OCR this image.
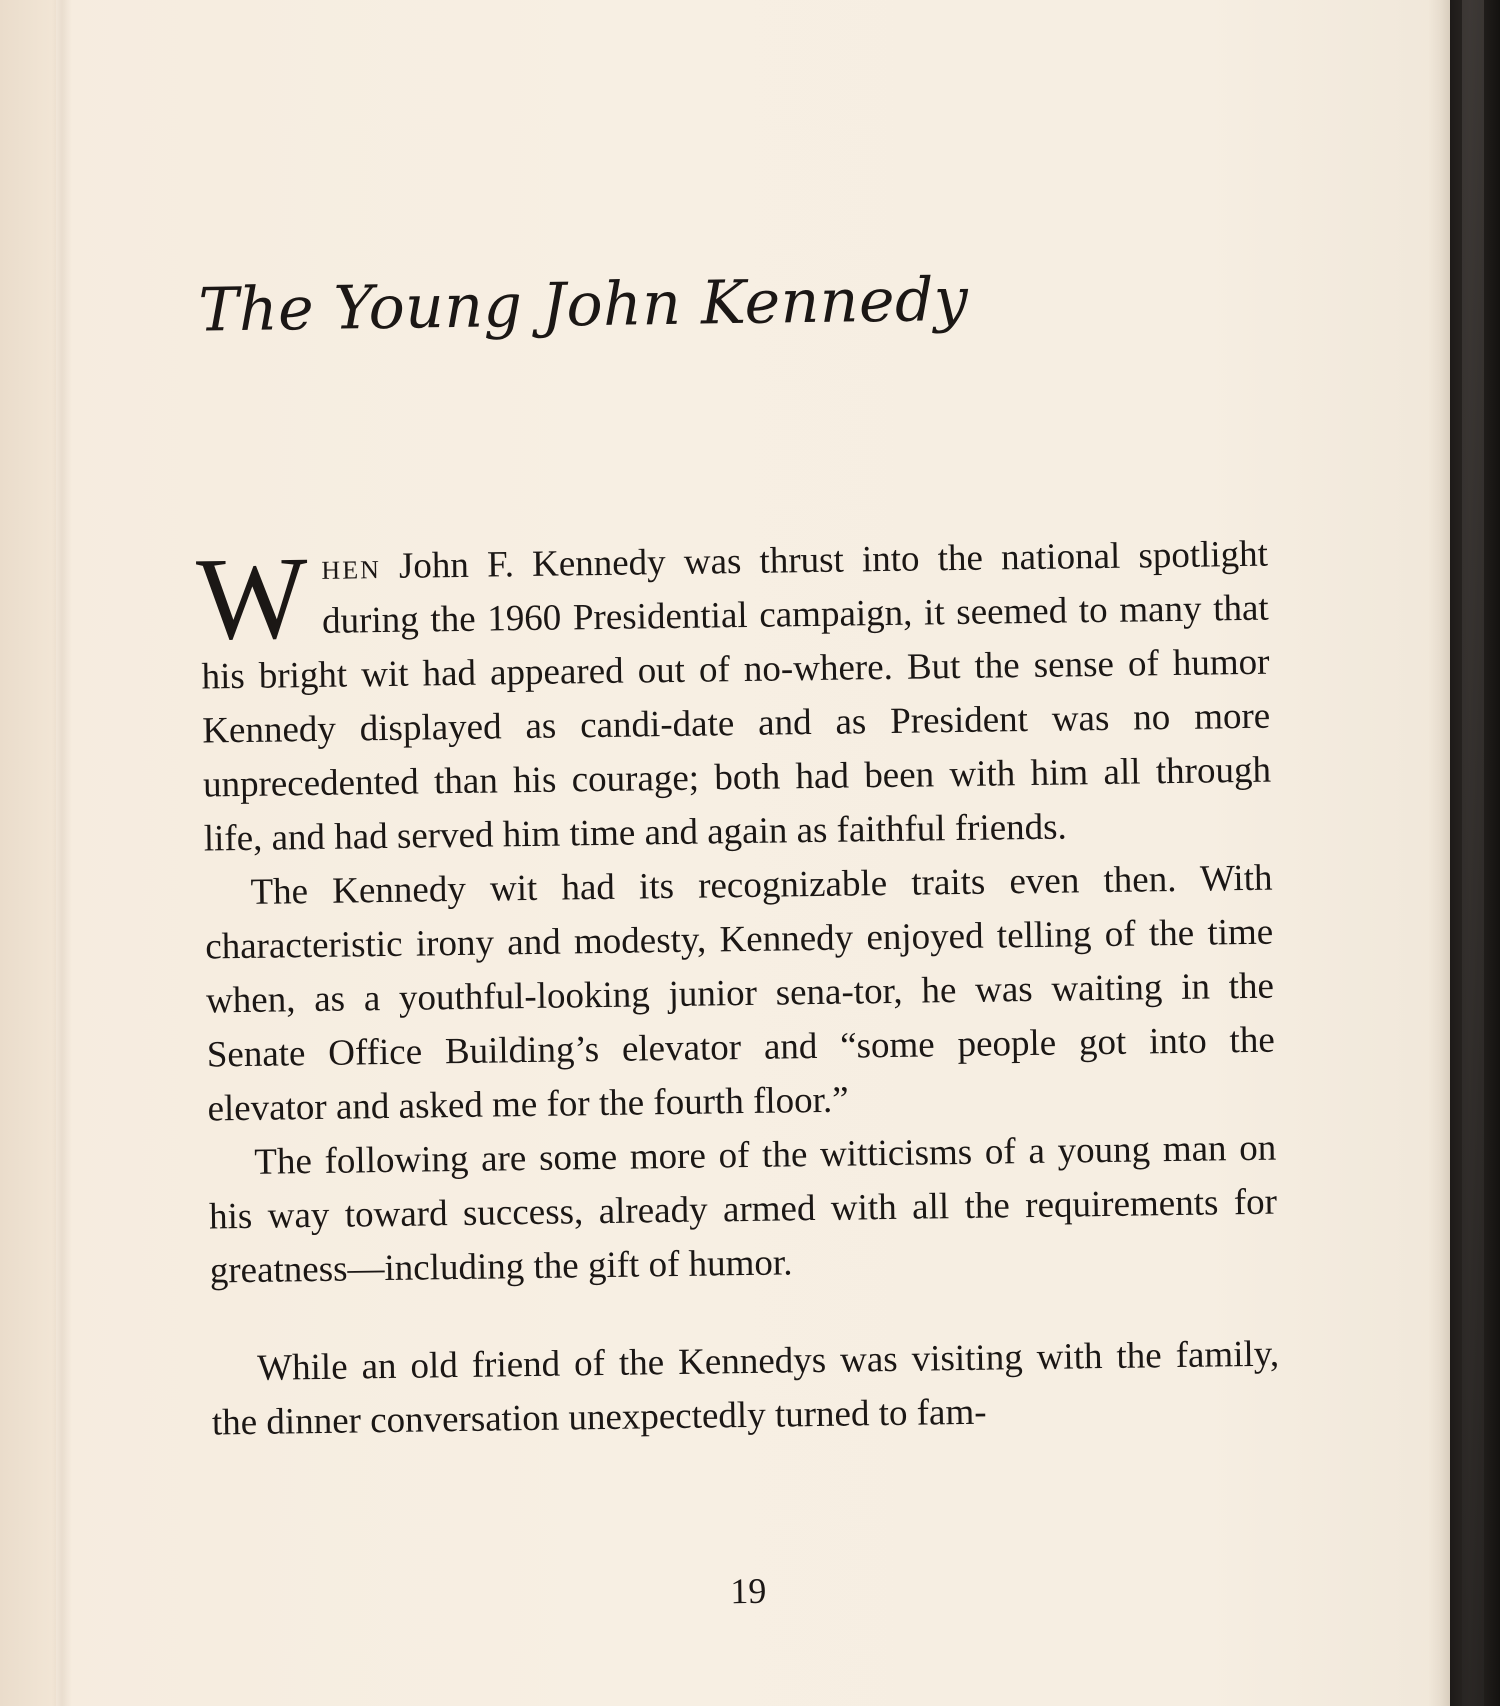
The Young John Kennedy

When John F. Kennedy was thrust into the national spotlight during the 1960 Presidential campaign, it seemed to many that his bright wit had appeared out of no-where. But the sense of humor Kennedy displayed as candi-date and as President was no more unprecedented than his courage; both had been with him all through life, and had served him time and again as faithful friends.

The Kennedy wit had its recognizable traits even then. With characteristic irony and modesty, Kennedy enjoyed telling of the time when, as a youthful-looking junior sena-tor, he was waiting in the Senate Office Building’s elevator and “some people got into the elevator and asked me for the fourth floor.”

The following are some more of the witticisms of a young man on his way toward success, already armed with all the requirements for greatness—including the gift of humor.

While an old friend of the Kennedys was visiting with the family, the dinner conversation unexpectedly turned to fam-

19
